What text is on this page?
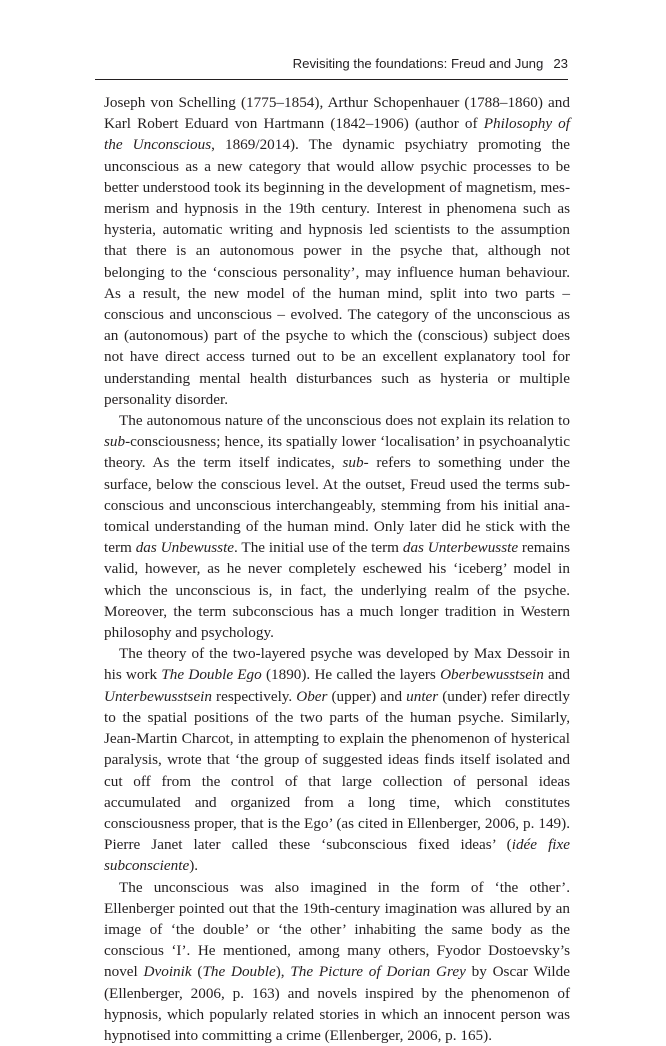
Revisiting the foundations: Freud and Jung 23

Joseph von Schelling (1775–1854), Arthur Schopenhauer (1788–1860) and Karl Robert Eduard von Hartmann (1842–1906) (author of Philosophy of the Unconscious, 1869/2014). The dynamic psychiatry promoting the unconscious as a new category that would allow psychic processes to be better understood took its beginning in the development of magnetism, mesmerism and hypnosis in the 19th century. Interest in phenomena such as hysteria, automatic writing and hypnosis led scientists to the assumption that there is an autonomous power in the psyche that, although not belonging to the ‘conscious personality’, may influence human behaviour. As a result, the new model of the human mind, split into two parts – conscious and unconscious – evolved. The category of the unconscious as an (autonomous) part of the psyche to which the (conscious) subject does not have direct access turned out to be an excellent explanatory tool for understanding mental health disturbances such as hysteria or multiple personality disorder.

The autonomous nature of the unconscious does not explain its relation to sub-consciousness; hence, its spatially lower ‘localisation’ in psychoanalytic theory. As the term itself indicates, sub- refers to something under the surface, below the conscious level. At the outset, Freud used the terms subconscious and unconscious interchangeably, stemming from his initial anatomical understanding of the human mind. Only later did he stick with the term das Unbewusste. The initial use of the term das Unterbewusste remains valid, however, as he never completely eschewed his ‘iceberg’ model in which the unconscious is, in fact, the underlying realm of the psyche. Moreover, the term subconscious has a much longer tradition in Western philosophy and psychology.

The theory of the two-layered psyche was developed by Max Dessoir in his work The Double Ego (1890). He called the layers Oberbewusstsein and Unterbewusstsein respectively. Ober (upper) and unter (under) refer directly to the spatial positions of the two parts of the human psyche. Similarly, Jean-Martin Charcot, in attempting to explain the phenomenon of hysterical paralysis, wrote that ‘the group of suggested ideas finds itself isolated and cut off from the control of that large collection of personal ideas accumulated and organized from a long time, which constitutes consciousness proper, that is the Ego’ (as cited in Ellenberger, 2006, p. 149). Pierre Janet later called these ‘subconscious fixed ideas’ (idée fixe subconsciente).

The unconscious was also imagined in the form of ‘the other’. Ellenberger pointed out that the 19th-century imagination was allured by an image of ‘the double’ or ‘the other’ inhabiting the same body as the conscious ‘I’. He mentioned, among many others, Fyodor Dostoevsky’s novel Dvoinik (The Double), The Picture of Dorian Grey by Oscar Wilde (Ellenberger, 2006, p. 163) and novels inspired by the phenomenon of hypnosis, which popularly related stories in which an innocent person was hypnotised into committing a crime (Ellenberger, 2006, p. 165).
